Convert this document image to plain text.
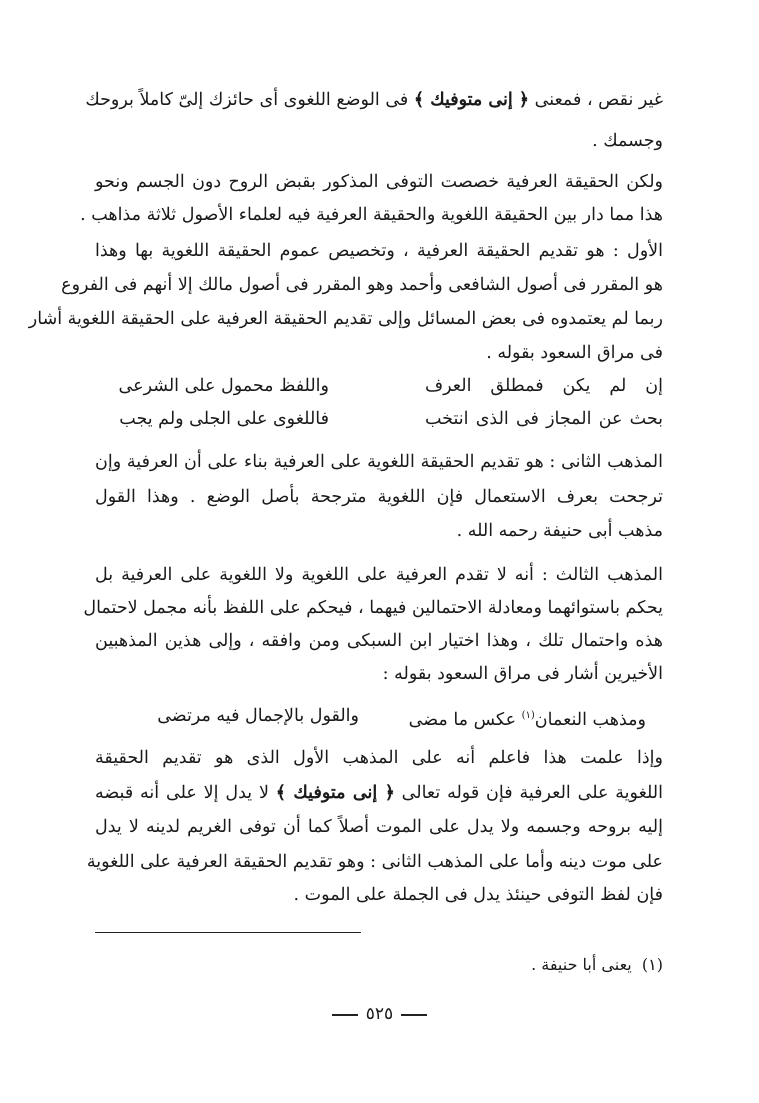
غير نقص ، فمعنى ﴿ إنى متوفيك ﴾ فى الوضع اللغوى أى حائزك إلىّ كاملاً بروحك
وجسمك .
ولكن الحقيقة العرفية خصصت التوفى المذكور بقبض الروح دون الجسم ونحو
هذا مما دار بين الحقيقة اللغوية والحقيقة العرفية فيه لعلماء الأصول ثلاثة مذاهب .
الأول : هو تقديم الحقيقة العرفية ، وتخصيص عموم الحقيقة اللغوية بها وهذا
هو المقرر فى أصول الشافعى وأحمد وهو المقرر فى أصول مالك إلا أنهم فى الفروع
ربما لم يعتمدوه فى بعض المسائل وإلى تقديم الحقيقة العرفية على الحقيقة اللغوية أشار
فى مراق السعود بقوله .
واللفظ محمول على الشرعى	إن لم يكن فمطلق العرف
فاللغوى على الجلى ولم يجب	بحث عن المجاز فى الذى انتخب
المذهب الثانى : هو تقديم الحقيقة اللغوية على العرفية بناء على أن العرفية وإن
ترجحت بعرف الاستعمال فإن اللغوية مترجحة بأصل الوضع . وهذا القول
مذهب أبى حنيفة رحمه الله .
المذهب الثالث : أنه لا تقدم العرفية على اللغوية ولا اللغوية على العرفية بل
يحكم باستوائهما ومعادلة الاحتمالين فيهما ، فيحكم على اللفظ بأنه مجمل لاحتمال
هذه واحتمال تلك ، وهذا اختيار ابن السبكى ومن وافقه ، وإلى هذين المذهبين
الأخيرين أشار فى مراق السعود بقوله :
ومذهب النعمان$^{(١)}$ عكس ما مضى
والقول بالإجمال فيه مرتضى
وإذا علمت هذا فاعلم أنه على المذهب الأول الذى هو تقديم الحقيقة
اللغوية على العرفية فإن قوله تعالى ﴿ إنى متوفيك ﴾ لا يدل إلا على أنه قبضه
إليه بروحه وجسمه ولا يدل على الموت أصلاً كما أن توفى الغريم لدينه لا يدل
على موت دينه وأما على المذهب الثانى : وهو تقديم الحقيقة العرفية على اللغوية
فإن لفظ التوفى حينئذ يدل فى الجملة على الموت .
(١)  يعنى أبا حنيفة .
٥٢٥
